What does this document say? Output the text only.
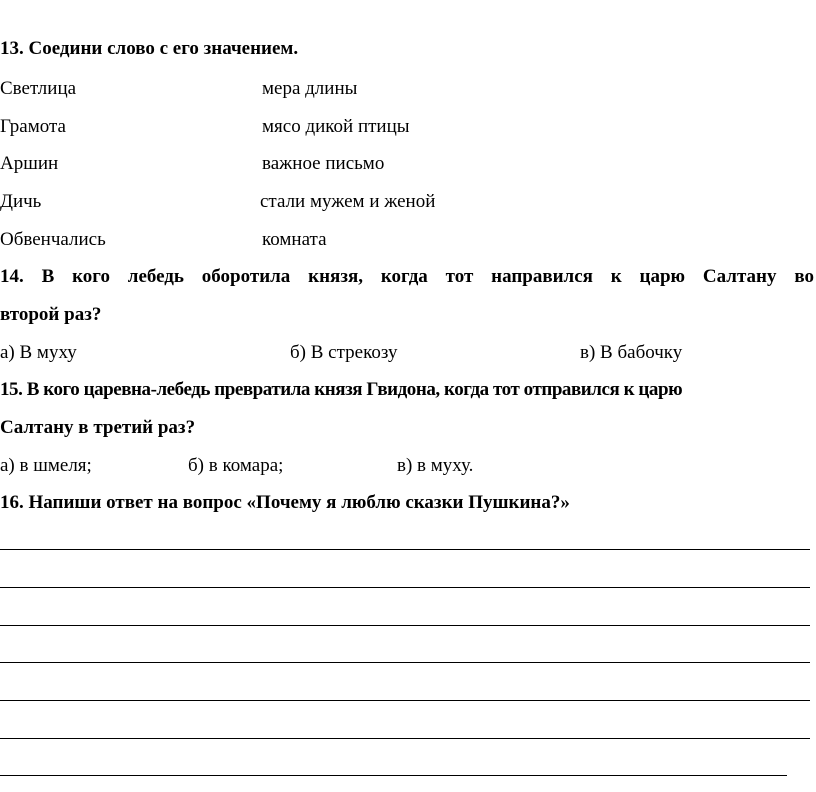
13. Соедини слово с его значением.
Светлица	мера длины
Грамота	мясо дикой птицы
Аршин	важное письмо
Дичь	стали мужем и женой
Обвенчались	комната
14. В кого лебедь оборотила князя, когда тот направился к царю Салтану во
второй раз?
а) В муху	б) В стрекозу	в) В бабочку
15. В кого царевна-лебедь превратила князя Гвидона, когда тот отправился к царю
Салтану в третий раз?
а) в шмеля;	б) в комара;	в) в муху.
16. Напиши ответ на вопрос «Почему я люблю сказки Пушкина?»
